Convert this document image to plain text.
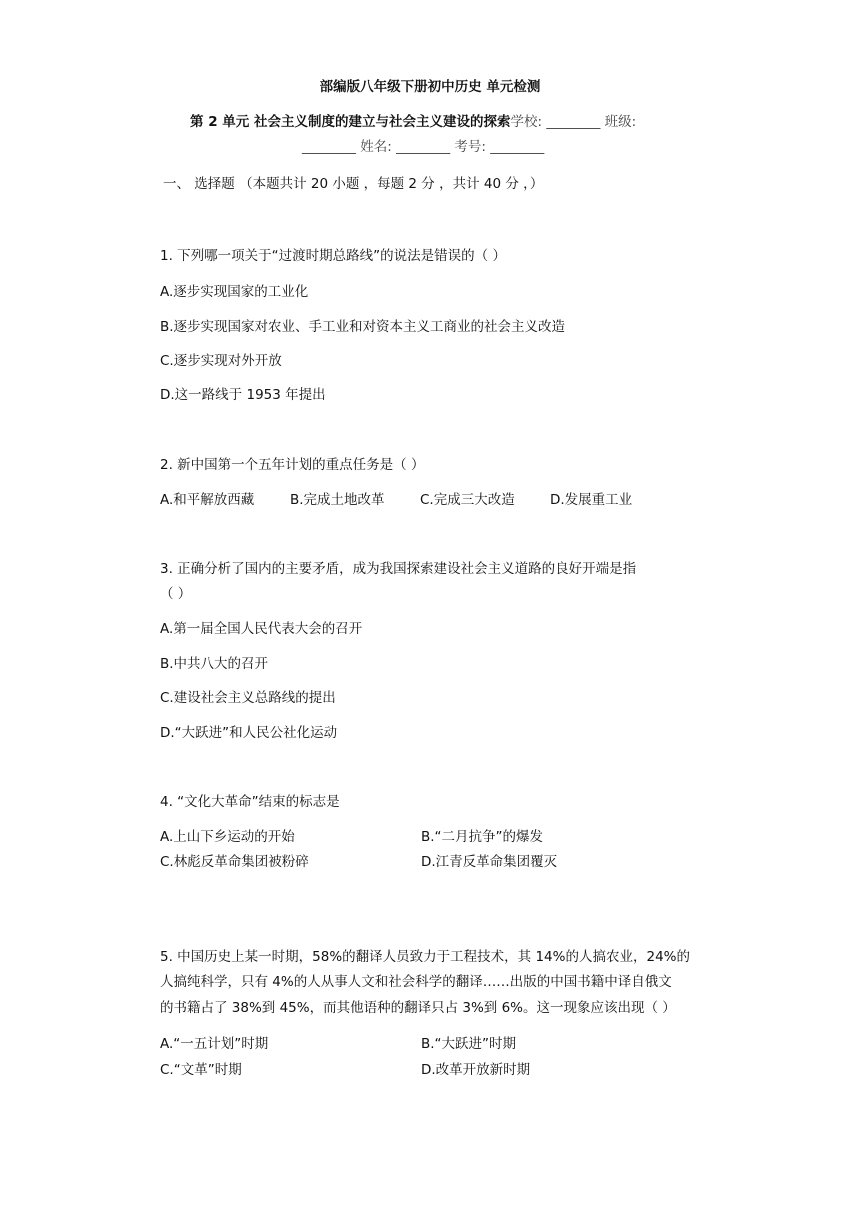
部编版八年级下册初中历史 单元检测
第 2 单元 社会主义制度的建立与社会主义建设的探索学校: ________ 班级:
________ 姓名: ________ 考号: ________
一、 选择题 （本题共计 20 小题 ，每题 2 分 ，共计 40 分 ，）
1. 下列哪一项关于“过渡时期总路线”的说法是错误的（ ）
A.逐步实现国家的工业化
B.逐步实现国家对农业、手工业和对资本主义工商业的社会主义改造
C.逐步实现对外开放
D.这一路线于 1953 年提出
2. 新中国第一个五年计划的重点任务是（ ）
A.和平解放西藏	B.完成土地改革	C.完成三大改造	D.发展重工业
3. 正确分析了国内的主要矛盾，成为我国探索建设社会主义道路的良好开端是指
（ ）
A.第一届全国人民代表大会的召开
B.中共八大的召开
C.建设社会主义总路线的提出
D.“大跃进”和人民公社化运动
4. “文化大革命”结束的标志是
A.上山下乡运动的开始	B.“二月抗争”的爆发
C.林彪反革命集团被粉碎	D.江青反革命集团覆灭
5. 中国历史上某一时期，58%的翻译人员致力于工程技术，其 14%的人搞农业，24%的
人搞纯科学，只有 4%的人从事人文和社会科学的翻译……出版的中国书籍中译自俄文
的书籍占了 38%到 45%，而其他语种的翻译只占 3%到 6%。这一现象应该出现（ ）
A.“一五计划”时期	B.“大跃进”时期
C.“文革”时期	D.改革开放新时期
